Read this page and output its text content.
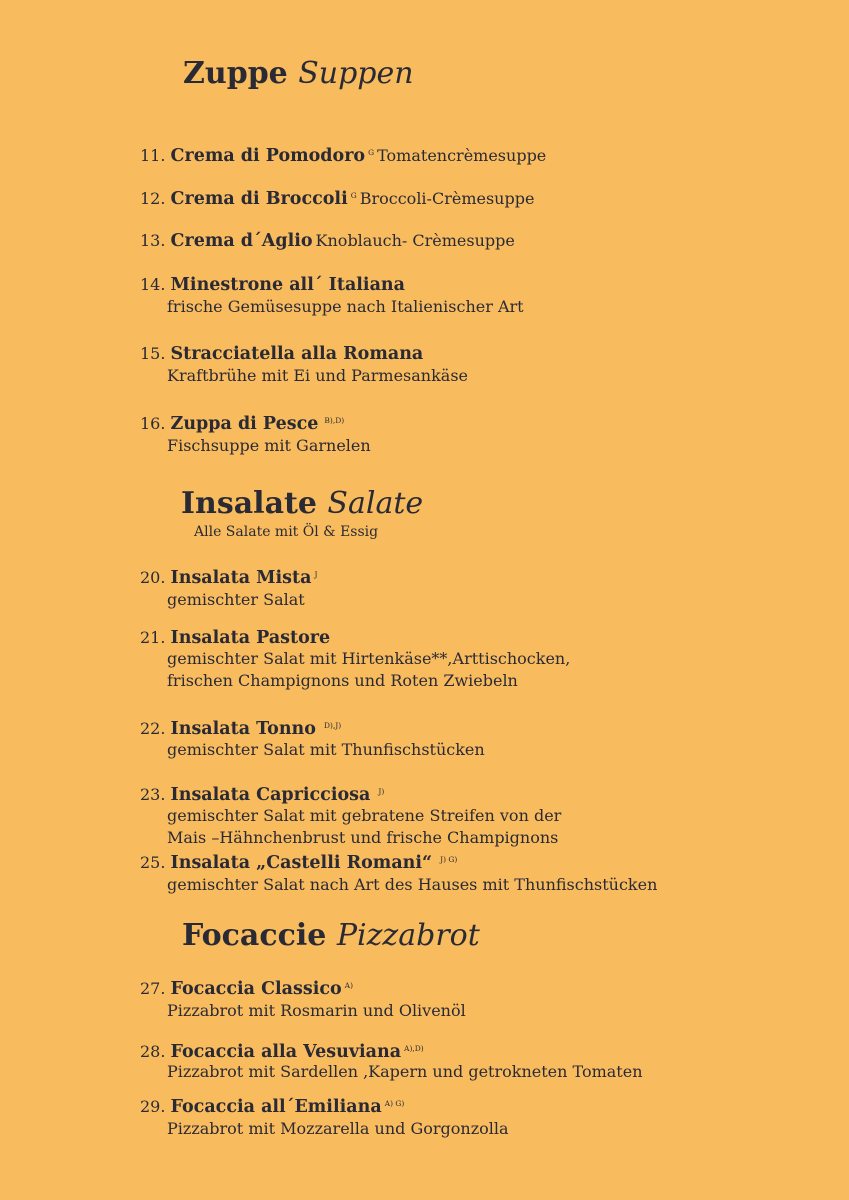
Zuppe Suppen
11. Crema di Pomodoro $^G$ Tomatencrèmesuppe
12. Crema di Broccoli $^G$ Broccoli-Crèmesuppe
13. Crema d´Aglio Knoblauch- Crèmesuppe
14. Minestrone all´ Italiana
frische Gemüsesuppe nach Italienischer Art
15. Stracciatella alla Romana
Kraftbrühe mit Ei und Parmesankäse
16. Zuppa di Pesce $^{B),D)}$
Fischsuppe mit Garnelen
Insalate Salate
Alle Salate mit Öl & Essig
20. Insalata Mista $^J$
gemischter Salat
21. Insalata Pastore
gemischter Salat mit Hirtenkäse**,Arttischocken,
frischen Champignons und Roten Zwiebeln
22. Insalata Tonno $^{D),J)}$
gemischter Salat mit Thunfischstücken
23. Insalata Capricciosa $^{J)}$
gemischter Salat mit gebratene Streifen von der
Mais –Hähnchenbrust und frische Champignons
25. Insalata „Castelli Romani“ $^{J) G)}$
gemischter Salat nach Art des Hauses mit Thunfischstücken
Focaccie Pizzabrot
27. Focaccia Classico $^{A)}$
Pizzabrot mit Rosmarin und Olivenöl
28. Focaccia alla Vesuviana $^{A),D)}$
Pizzabrot mit Sardellen ,Kapern und getrokneten Tomaten
29. Focaccia all´Emiliana $^{A) G)}$
Pizzabrot mit Mozzarella und Gorgonzolla
